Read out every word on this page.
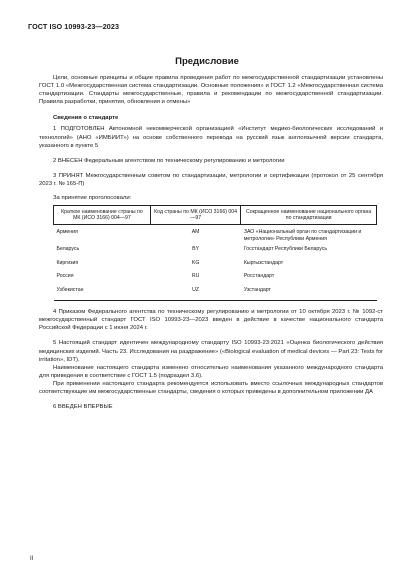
ГОСТ ISO 10993-23—2023
Предисловие

Цели, основные принципы и общие правила проведения работ по межгосударственной стандартизации установлены ГОСТ 1.0 «Межгосударственная система стандартизации. Основные положения» и ГОСТ 1.2 «Межгосударственная система стандартизации. Стандарты межгосударственные, правила и рекомендации по межгосударственной стандартизации. Правила разработки, принятия, обновления и отмены»

Сведения о стандарте

1 ПОДГОТОВЛЕН Автономной некоммерческой организацией «Институт медико-биологических исследований и технологий» (АНО «ИМБИИТ») на основе собственного перевода на русский язык англоязычной версии стандарта, указанного в пункте 5

2 ВНЕСЕН Федеральным агентством по техническому регулированию и метрологии

3 ПРИНЯТ Межгосударственным советом по стандартизации, метрологии и сертификации (протокол от 25 сентября 2023 г. № 165-П)

За принятие проголосовали:

Краткое наименование страны по МК (ИСО 3166) 004—97	Код страны по МК (ИСО 3166) 004—97	Сокращенное наименование национального органа по стандартизации
Армения	AM	ЗАО «Национальный орган по стандартизации и метрологии» Республики Армения
Беларусь	BY	Госстандарт Республики Беларусь
Киргизия	KG	Кыргызстандарт
Россия	RU	Росстандарт
Узбекистан	UZ	Узстандарт

4 Приказом Федерального агентства по техническому регулированию и метрологии от 10 октября 2023 г. № 1092-ст межгосударственный стандарт ГОСТ ISO 10993-23—2023 введен в действие в качестве национального стандарта Российской Федерации с 1 июня 2024 г.

5 Настоящий стандарт идентичен международному стандарту ISO 10993-23:2021 «Оценка биологического действия медицинских изделий. Часть 23. Исследования на раздражение» («Biological evaluation of medical devices — Part 23: Tests for irritation», IDT).

Наименование настоящего стандарта изменено относительно наименования указанного международного стандарта для приведения в соответствие с ГОСТ 1.5 (подраздел 3.6).

При применении настоящего стандарта рекомендуется использовать вместо ссылочных международных стандартов соответствующие им межгосударственные стандарты, сведения о которых приведены в дополнительном приложении ДА

6 ВВЕДЕН ВПЕРВЫЕ

II
